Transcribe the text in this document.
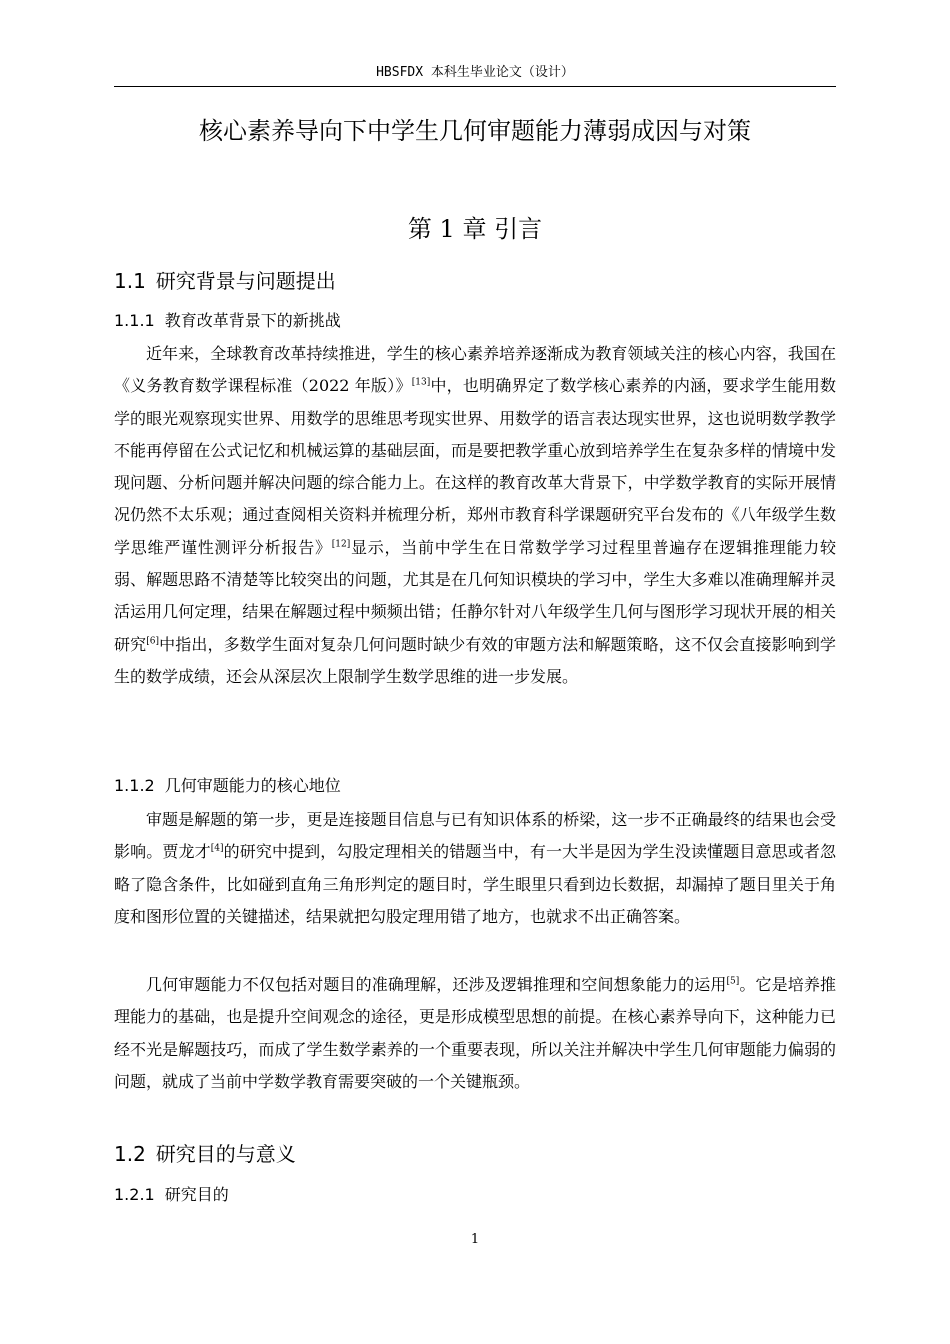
HBSFDX 本科生毕业论文（设计）
核心素养导向下中学生几何审题能力薄弱成因与对策
第 1 章 引言
1.1 研究背景与问题提出
1.1.1 教育改革背景下的新挑战

近年来，全球教育改革持续推进，学生的核心素养培养逐渐成为教育领域关注的核心内容，我国在《义务教育数学课程标准（2022 年版）》[13]中，也明确界定了数学核心素养的内涵，要求学生能用数学的眼光观察现实世界、用数学的思维思考现实世界、用数学的语言表达现实世界，这也说明数学教学不能再停留在公式记忆和机械运算的基础层面，而是要把教学重心放到培养学生在复杂多样的情境中发现问题、分析问题并解决问题的综合能力上。在这样的教育改革大背景下，中学数学教育的实际开展情况仍然不太乐观；通过查阅相关资料并梳理分析，郑州市教育科学课题研究平台发布的《八年级学生数学思维严谨性测评分析报告》[12]显示，当前中学生在日常数学学习过程里普遍存在逻辑推理能力较弱、解题思路不清楚等比较突出的问题，尤其是在几何知识模块的学习中，学生大多难以准确理解并灵活运用几何定理，结果在解题过程中频频出错；任静尔针对八年级学生几何与图形学习现状开展的相关研究[6]中指出，多数学生面对复杂几何问题时缺少有效的审题方法和解题策略，这不仅会直接影响到学生的数学成绩，还会从深层次上限制学生数学思维的进一步发展。

1.1.2 几何审题能力的核心地位

审题是解题的第一步，更是连接题目信息与已有知识体系的桥梁，这一步不正确最终的结果也会受影响。贾龙才[4]的研究中提到，勾股定理相关的错题当中，有一大半是因为学生没读懂题目意思或者忽略了隐含条件，比如碰到直角三角形判定的题目时，学生眼里只看到边长数据，却漏掉了题目里关于角度和图形位置的关键描述，结果就把勾股定理用错了地方，也就求不出正确答案。

几何审题能力不仅包括对题目的准确理解，还涉及逻辑推理和空间想象能力的运用[5]。它是培养推理能力的基础，也是提升空间观念的途径，更是形成模型思想的前提。在核心素养导向下，这种能力已经不光是解题技巧，而成了学生数学素养的一个重要表现，所以关注并解决中学生几何审题能力偏弱的问题，就成了当前中学数学教育需要突破的一个关键瓶颈。

1.2 研究目的与意义
1.2.1 研究目的
1
